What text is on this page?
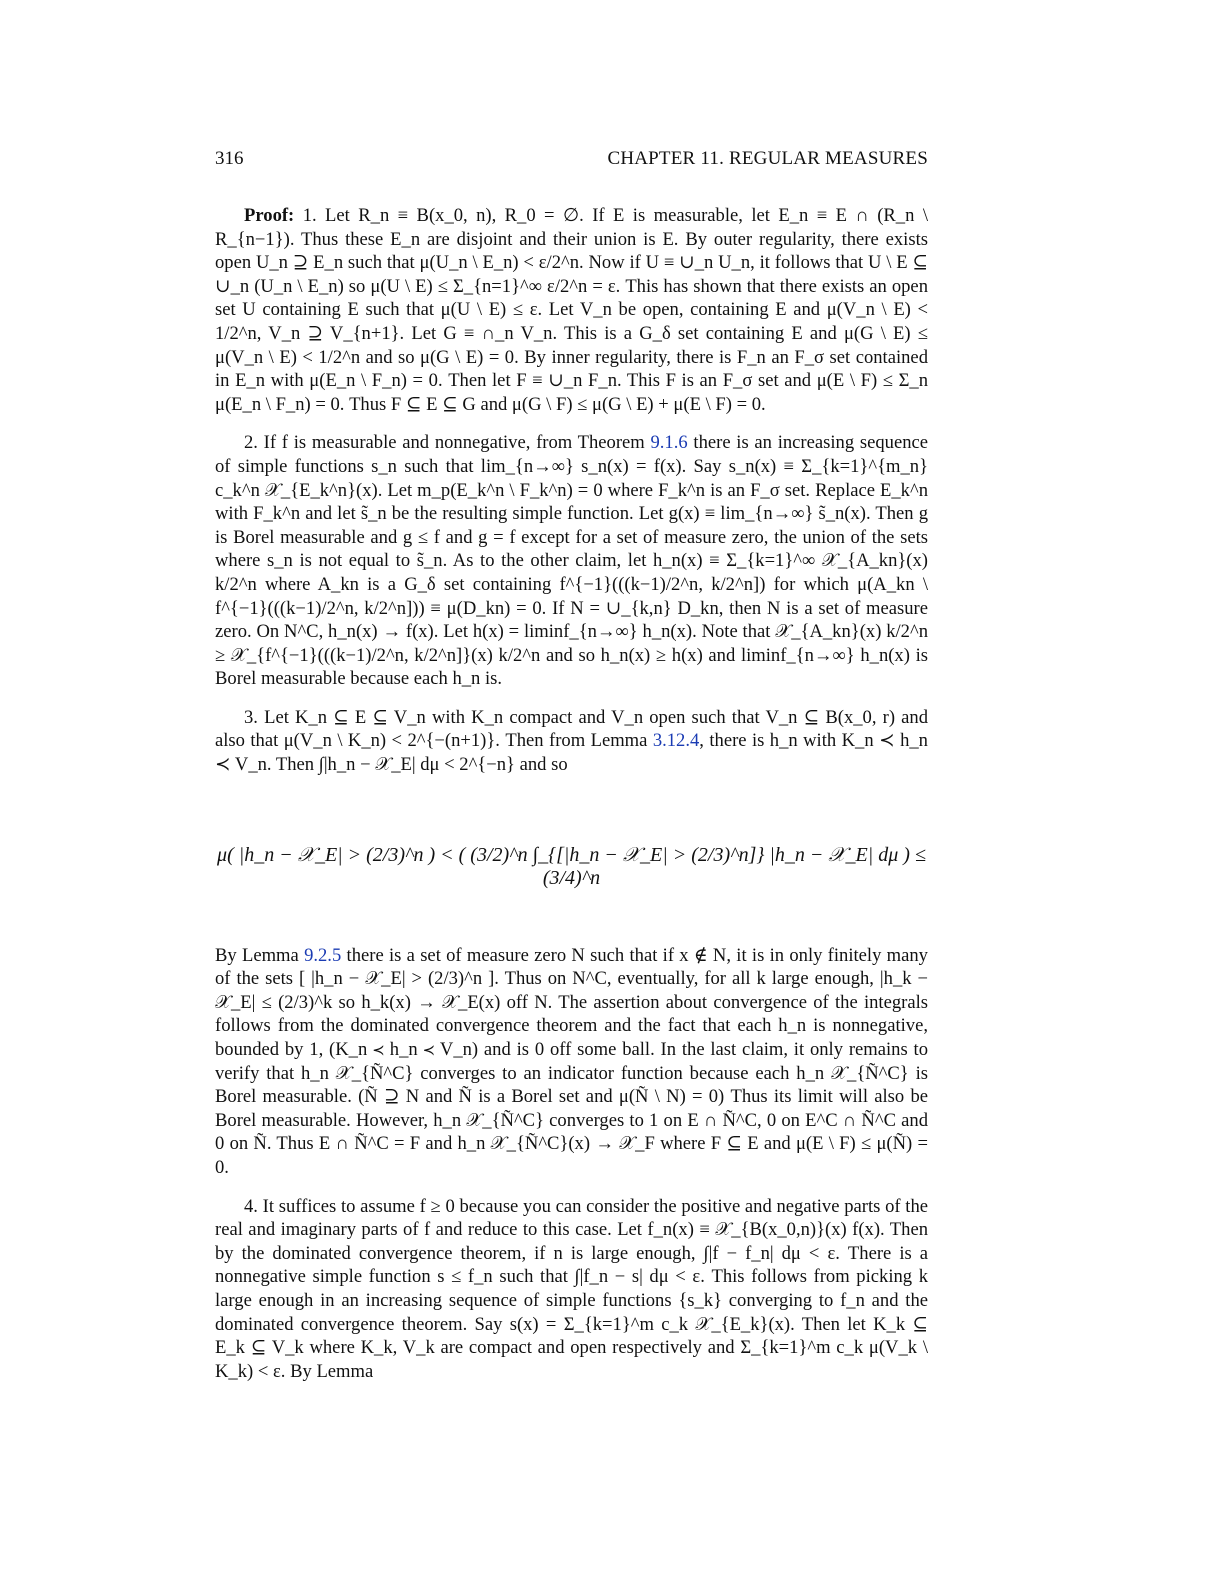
316	CHAPTER 11. REGULAR MEASURES

Proof: 1. Let R_n ≡ B(x_0, n), R_0 = ∅. If E is measurable, let E_n ≡ E ∩ (R_n \ R_{n−1}). Thus these E_n are disjoint and their union is E. By outer regularity, there exists open U_n ⊇ E_n such that μ(U_n \ E_n) < ε/2^n. Now if U ≡ ∪_n U_n, it follows that U \ E ⊆ ∪_n (U_n \ E_n) so μ(U \ E) ≤ Σ_{n=1}^∞ ε/2^n = ε. This has shown that there exists an open set U containing E such that μ(U \ E) ≤ ε. Let V_n be open, containing E and μ(V_n \ E) < 1/2^n, V_n ⊇ V_{n+1}. Let G ≡ ∩_n V_n. This is a G_δ set containing E and μ(G \ E) ≤ μ(V_n \ E) < 1/2^n and so μ(G \ E) = 0. By inner regularity, there is F_n an F_σ set contained in E_n with μ(E_n \ F_n) = 0. Then let F ≡ ∪_n F_n. This F is an F_σ set and μ(E \ F) ≤ Σ_n μ(E_n \ F_n) = 0. Thus F ⊆ E ⊆ G and μ(G \ F) ≤ μ(G \ E) + μ(E \ F) = 0.

2. If f is measurable and nonnegative, from Theorem 9.1.6 there is an increasing sequence of simple functions s_n such that lim_{n→∞} s_n(x) = f(x). Say s_n(x) ≡ Σ_{k=1}^{m_n} c_k^n 𝒳_{E_k^n}(x). Let m_p(E_k^n \ F_k^n) = 0 where F_k^n is an F_σ set. Replace E_k^n with F_k^n and let s̃_n be the resulting simple function. Let g(x) ≡ lim_{n→∞} s̃_n(x). Then g is Borel measurable and g ≤ f and g = f except for a set of measure zero, the union of the sets where s_n is not equal to s̃_n. As to the other claim, let h_n(x) ≡ Σ_{k=1}^∞ 𝒳_{A_kn}(x) k/2^n where A_kn is a G_δ set containing f^{−1}(((k−1)/2^n, k/2^n]) for which μ(A_kn \ f^{−1}(((k−1)/2^n, k/2^n])) ≡ μ(D_kn) = 0. If N = ∪_{k,n} D_kn, then N is a set of measure zero. On N^C, h_n(x) → f(x). Let h(x) = liminf_{n→∞} h_n(x). Note that 𝒳_{A_kn}(x) k/2^n ≥ 𝒳_{f^{−1}(((k−1)/2^n, k/2^n]}(x) k/2^n and so h_n(x) ≥ h(x) and liminf_{n→∞} h_n(x) is Borel measurable because each h_n is.

3. Let K_n ⊆ E ⊆ V_n with K_n compact and V_n open such that V_n ⊆ B(x_0, r) and also that μ(V_n \ K_n) < 2^{−(n+1)}. Then from Lemma 3.12.4, there is h_n with K_n ≺ h_n ≺ V_n. Then ∫|h_n − 𝒳_E| dμ < 2^{−n} and so

μ( |h_n − 𝒳_E| > (2/3)^n ) < ( (3/2)^n ∫_{[|h_n − 𝒳_E| > (2/3)^n]} |h_n − 𝒳_E| dμ ) ≤ (3/4)^n

By Lemma 9.2.5 there is a set of measure zero N such that if x ∉ N, it is in only finitely many of the sets [ |h_n − 𝒳_E| > (2/3)^n ]. Thus on N^C, eventually, for all k large enough, |h_k − 𝒳_E| ≤ (2/3)^k so h_k(x) → 𝒳_E(x) off N. The assertion about convergence of the integrals follows from the dominated convergence theorem and the fact that each h_n is nonnegative, bounded by 1, (K_n ≺ h_n ≺ V_n) and is 0 off some ball. In the last claim, it only remains to verify that h_n 𝒳_{Ñ^C} converges to an indicator function because each h_n 𝒳_{Ñ^C} is Borel measurable. (Ñ ⊇ N and Ñ is a Borel set and μ(Ñ \ N) = 0) Thus its limit will also be Borel measurable. However, h_n 𝒳_{Ñ^C} converges to 1 on E ∩ Ñ^C, 0 on E^C ∩ Ñ^C and 0 on Ñ. Thus E ∩ Ñ^C = F and h_n 𝒳_{Ñ^C}(x) → 𝒳_F where F ⊆ E and μ(E \ F) ≤ μ(Ñ) = 0.

4. It suffices to assume f ≥ 0 because you can consider the positive and negative parts of the real and imaginary parts of f and reduce to this case. Let f_n(x) ≡ 𝒳_{B(x_0,n)}(x) f(x). Then by the dominated convergence theorem, if n is large enough, ∫|f − f_n| dμ < ε. There is a nonnegative simple function s ≤ f_n such that ∫|f_n − s| dμ < ε. This follows from picking k large enough in an increasing sequence of simple functions {s_k} converging to f_n and the dominated convergence theorem. Say s(x) = Σ_{k=1}^m c_k 𝒳_{E_k}(x). Then let K_k ⊆ E_k ⊆ V_k where K_k, V_k are compact and open respectively and Σ_{k=1}^m c_k μ(V_k \ K_k) < ε. By Lemma
